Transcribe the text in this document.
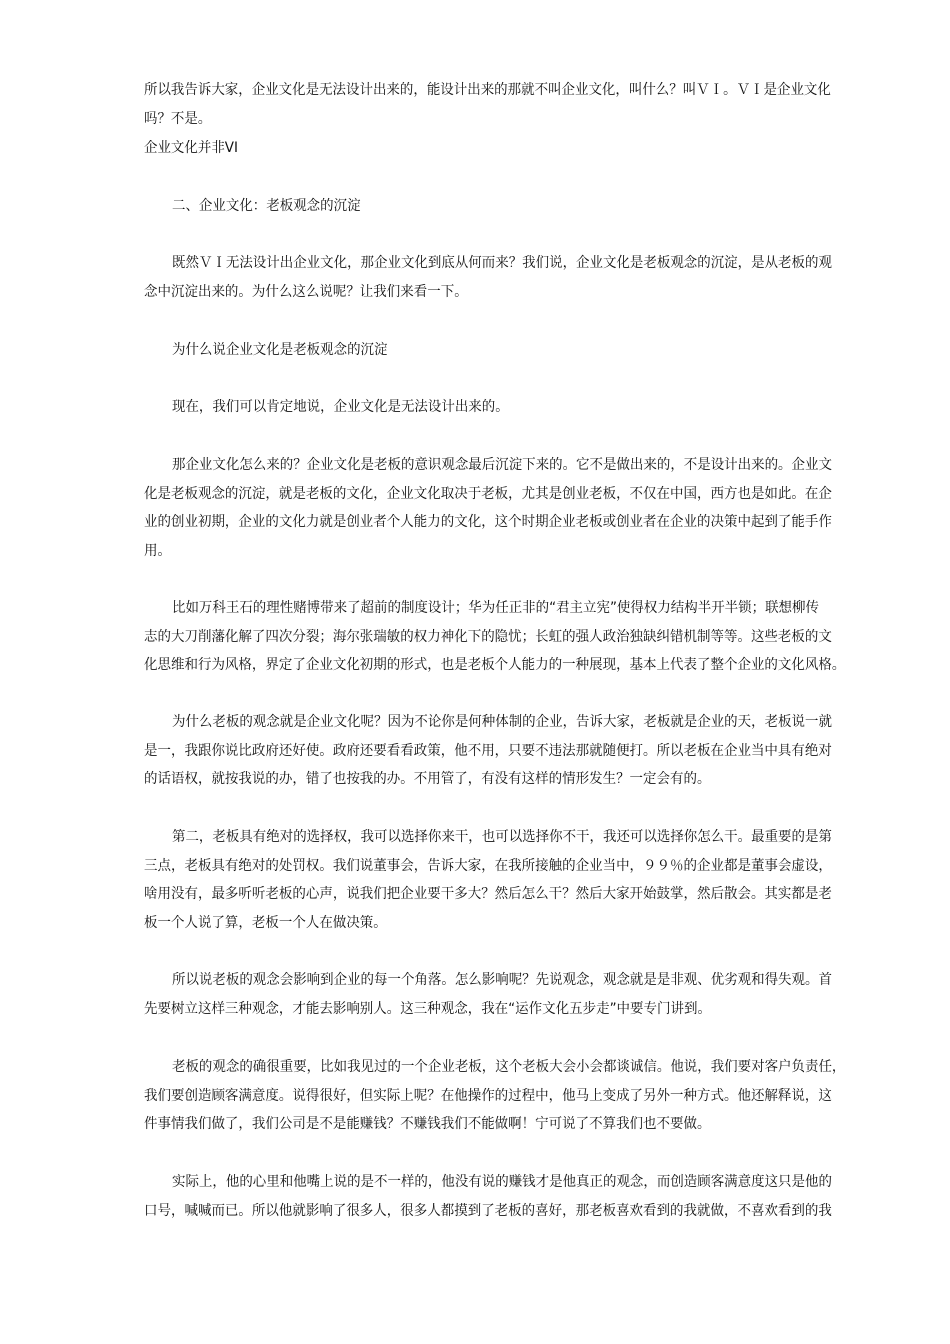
所以我告诉大家，企业文化是无法设计出来的，能设计出来的那就不叫企业文化，叫什么？叫ＶＩ。ＶＩ是企业文化
吗？不是。

企业文化并非VI

二、企业文化：老板观念的沉淀

既然ＶＩ无法设计出企业文化，那企业文化到底从何而来？我们说，企业文化是老板观念的沉淀，是从老板的观
念中沉淀出来的。为什么这么说呢？让我们来看一下。

为什么说企业文化是老板观念的沉淀

现在，我们可以肯定地说，企业文化是无法设计出来的。

那企业文化怎么来的？企业文化是老板的意识观念最后沉淀下来的。它不是做出来的，不是设计出来的。企业文
化是老板观念的沉淀，就是老板的文化，企业文化取决于老板，尤其是创业老板，不仅在中国，西方也是如此。在企
业的创业初期，企业的文化力就是创业者个人能力的文化，这个时期企业老板或创业者在企业的决策中起到了能手作
用。

比如万科王石的理性赌博带来了超前的制度设计；华为任正非的“君主立宪”使得权力结构半开半锁；联想柳传
志的大刀削藩化解了四次分裂；海尔张瑞敏的权力神化下的隐忧；长虹的强人政治独缺纠错机制等等。这些老板的文
化思维和行为风格，界定了企业文化初期的形式，也是老板个人能力的一种展现，基本上代表了整个企业的文化风格。

为什么老板的观念就是企业文化呢？因为不论你是何种体制的企业，告诉大家，老板就是企业的天，老板说一就
是一，我跟你说比政府还好使。政府还要看看政策，他不用，只要不违法那就随便打。所以老板在企业当中具有绝对
的话语权，就按我说的办，错了也按我的办。不用管了，有没有这样的情形发生？一定会有的。

第二，老板具有绝对的选择权，我可以选择你来干，也可以选择你不干，我还可以选择你怎么干。最重要的是第
三点，老板具有绝对的处罚权。我们说董事会，告诉大家，在我所接触的企业当中，９９％的企业都是董事会虚设，
啥用没有，最多听听老板的心声，说我们把企业要干多大？然后怎么干？然后大家开始鼓掌，然后散会。其实都是老
板一个人说了算，老板一个人在做决策。

所以说老板的观念会影响到企业的每一个角落。怎么影响呢？先说观念，观念就是是非观、优劣观和得失观。首
先要树立这样三种观念，才能去影响别人。这三种观念，我在“运作文化五步走”中要专门讲到。

老板的观念的确很重要，比如我见过的一个企业老板，这个老板大会小会都谈诚信。他说，我们要对客户负责任，
我们要创造顾客满意度。说得很好，但实际上呢？在他操作的过程中，他马上变成了另外一种方式。他还解释说，这
件事情我们做了，我们公司是不是能赚钱？不赚钱我们不能做啊！宁可说了不算我们也不要做。

实际上，他的心里和他嘴上说的是不一样的，他没有说的赚钱才是他真正的观念，而创造顾客满意度这只是他的
口号，喊喊而已。所以他就影响了很多人，很多人都摸到了老板的喜好，那老板喜欢看到的我就做，不喜欢看到的我
